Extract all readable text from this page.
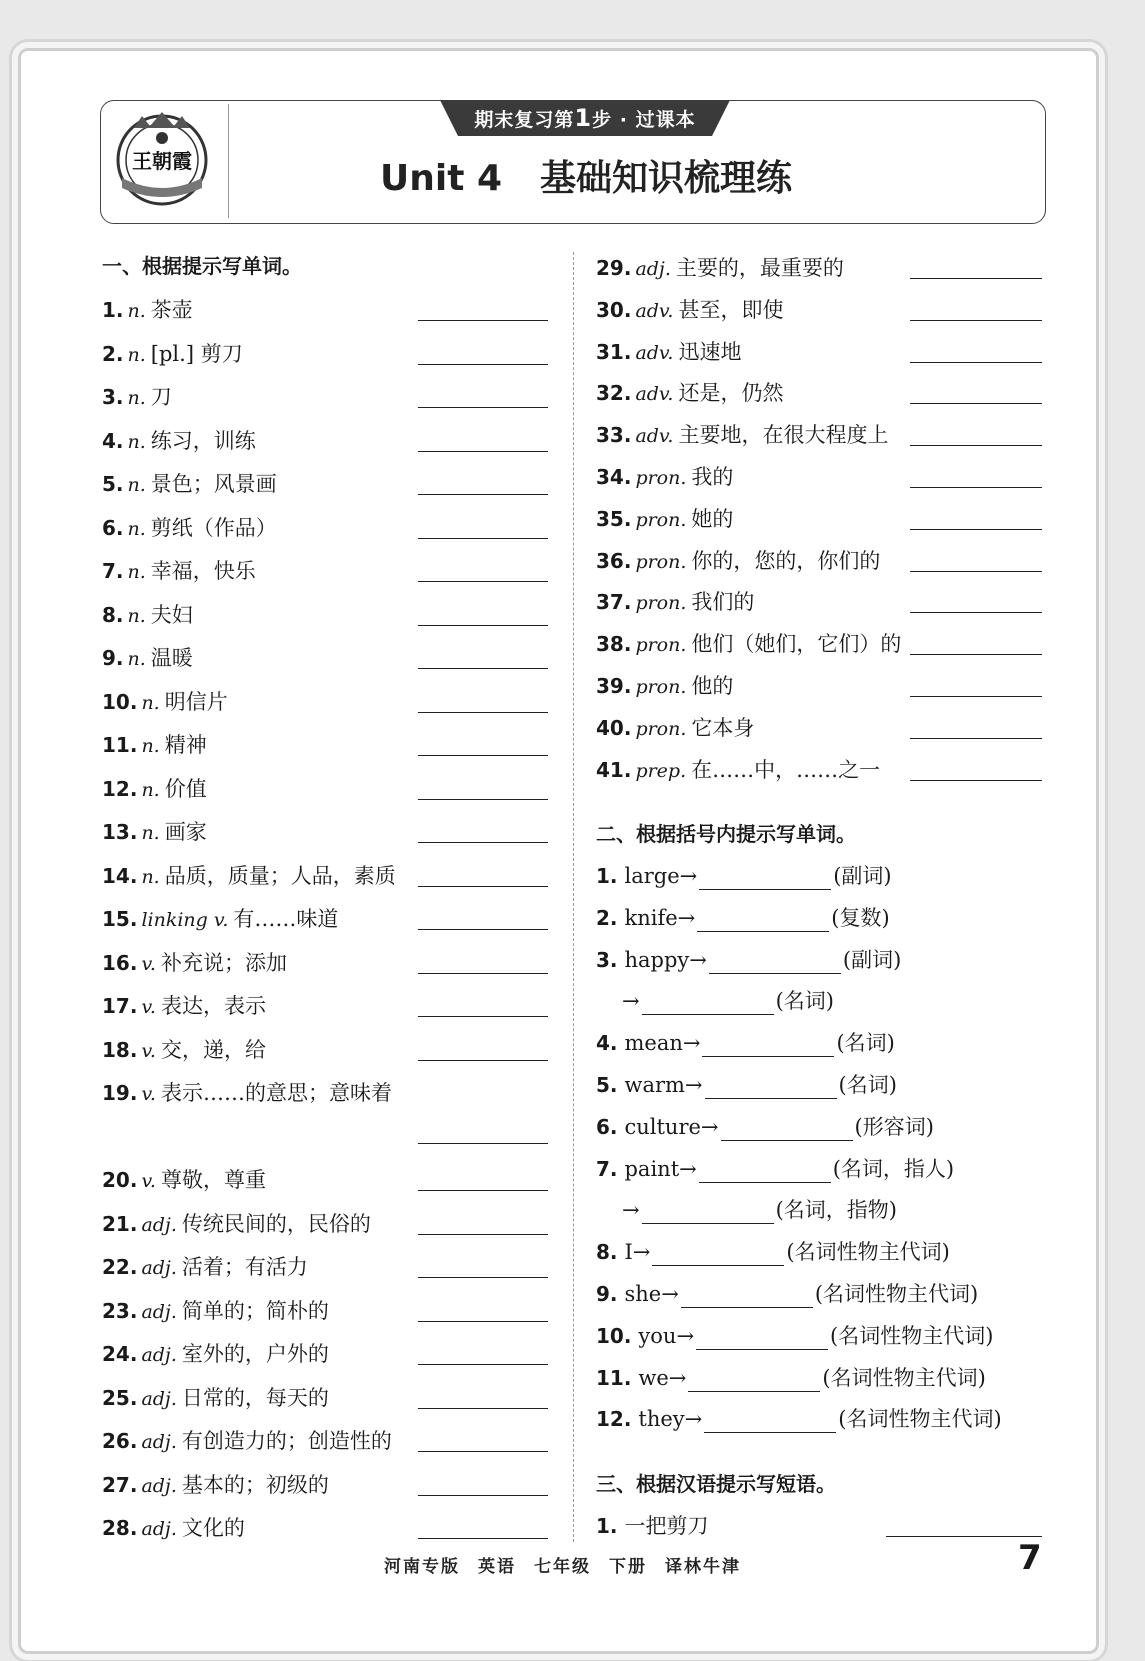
王朝霞
期末复习第1步 · 过课本
Unit 4 基础知识梳理练
一、根据提示写单词。
1. n. 茶壶
2. n. [pl.] 剪刀
3. n. 刀
4. n. 练习，训练
5. n. 景色；风景画
6. n. 剪纸（作品）
7. n. 幸福，快乐
8. n. 夫妇
9. n. 温暖
10. n. 明信片
11. n. 精神
12. n. 价值
13. n. 画家
14. n. 品质，质量；人品，素质
15. linking v. 有……味道
16. v. 补充说；添加
17. v. 表达，表示
18. v. 交，递，给
19. v. 表示……的意思；意味着
20. v. 尊敬，尊重
21. adj. 传统民间的，民俗的
22. adj. 活着；有活力
23. adj. 简单的；简朴的
24. adj. 室外的，户外的
25. adj. 日常的，每天的
26. adj. 有创造力的；创造性的
27. adj. 基本的；初级的
28. adj. 文化的
29. adj. 主要的，最重要的
30. adv. 甚至，即使
31. adv. 迅速地
32. adv. 还是，仍然
33. adv. 主要地，在很大程度上
34. pron. 我的
35. pron. 她的
36. pron. 你的，您的，你们的
37. pron. 我们的
38. pron. 他们（她们，它们）的
39. pron. 他的
40. pron. 它本身
41. prep. 在……中，……之一
二、根据括号内提示写单词。
1. large→	(副词)
2. knife→	(复数)
3. happy→	(副词)
→	(名词)
4. mean→	(名词)
5. warm→	(名词)
6. culture→	(形容词)
7. paint→	(名词，指人)
→	(名词，指物)
8. I→	(名词性物主代词)
9. she→	(名词性物主代词)
10. you→	(名词性物主代词)
11. we→	(名词性物主代词)
12. they→	(名词性物主代词)
三、根据汉语提示写短语。
1. 一把剪刀
河南专版 英语 七年级 下册 译林牛津	7
